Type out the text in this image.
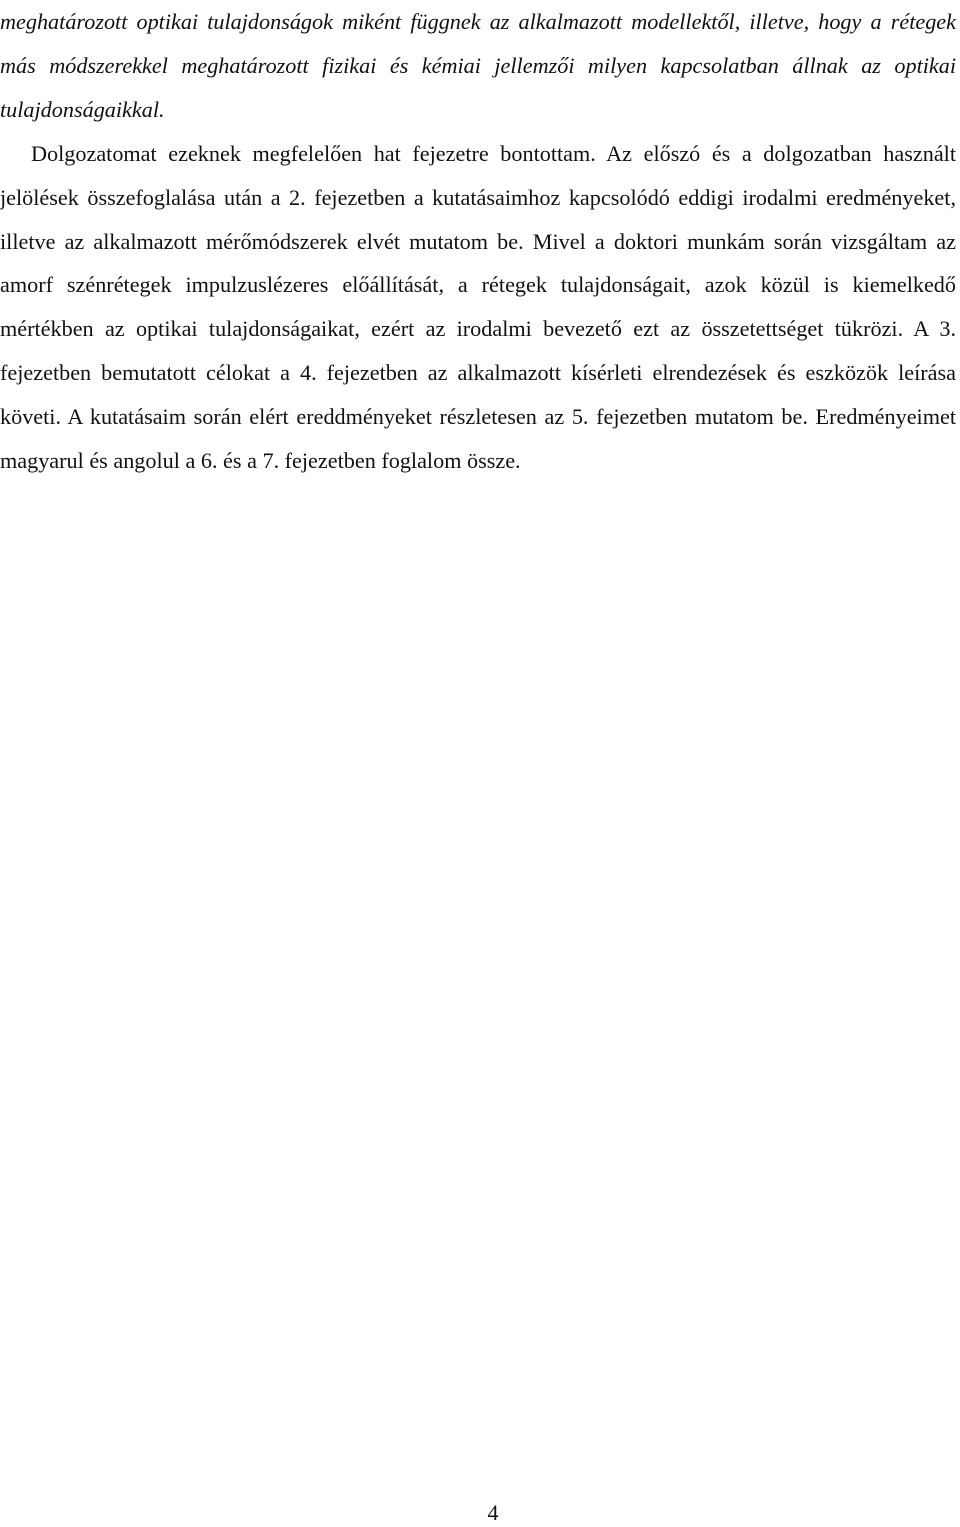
meghatározott optikai tulajdonságok miként függnek az alkalmazott modellektől, illetve, hogy a rétegek más módszerekkel meghatározott fizikai és kémiai jellemzői milyen kapcsolatban állnak az optikai tulajdonságaikkal.

Dolgozatomat ezeknek megfelelően hat fejezetre bontottam. Az előszó és a dolgozatban használt jelölések összefoglalása után a 2. fejezetben a kutatásaimhoz kapcsolódó eddigi irodalmi eredményeket, illetve az alkalmazott mérőmódszerek elvét mutatom be. Mivel a doktori munkám során vizsgáltam az amorf szénrétegek impulzuslézeres előállítását, a rétegek tulajdonságait, azok közül is kiemelkedő mértékben az optikai tulajdonságaikat, ezért az irodalmi bevezető ezt az összetettséget tükrözi. A 3. fejezetben bemutatott célokat a 4. fejezetben az alkalmazott kísérleti elrendezések és eszközök leírása követi. A kutatásaim során elért ereddményeket részletesen az 5. fejezetben mutatom be. Eredményeimet magyarul és angolul a 6. és a 7. fejezetben foglalom össze.

4
